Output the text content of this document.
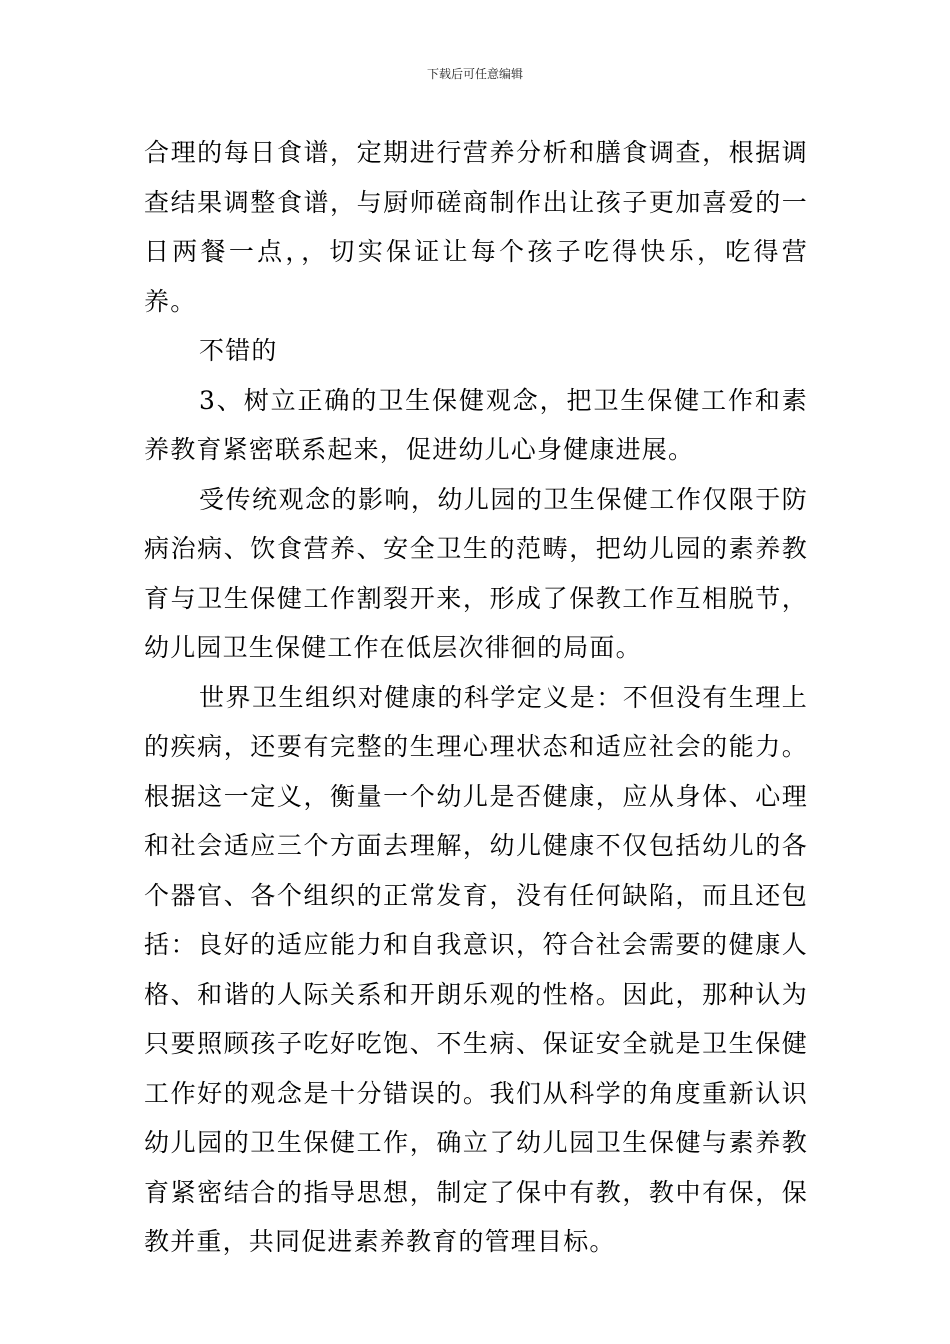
下载后可任意编辑

合理的每日食谱，定期进行营养分析和膳食调查，根据调查结果调整食谱，与厨师磋商制作出让孩子更加喜爱的一日两餐一点，，切实保证让每个孩子吃得快乐，吃得营养。

不错的

3、树立正确的卫生保健观念，把卫生保健工作和素养教育紧密联系起来，促进幼儿心身健康进展。

受传统观念的影响，幼儿园的卫生保健工作仅限于防病治病、饮食营养、安全卫生的范畴，把幼儿园的素养教育与卫生保健工作割裂开来，形成了保教工作互相脱节，幼儿园卫生保健工作在低层次徘徊的局面。

世界卫生组织对健康的科学定义是：不但没有生理上的疾病，还要有完整的生理心理状态和适应社会的能力。根据这一定义，衡量一个幼儿是否健康，应从身体、心理和社会适应三个方面去理解，幼儿健康不仅包括幼儿的各个器官、各个组织的正常发育，没有任何缺陷，而且还包括：良好的适应能力和自我意识，符合社会需要的健康人格、和谐的人际关系和开朗乐观的性格。因此，那种认为只要照顾孩子吃好吃饱、不生病、保证安全就是卫生保健工作好的观念是十分错误的。我们从科学的角度重新认识幼儿园的卫生保健工作，确立了幼儿园卫生保健与素养教育紧密结合的指导思想，制定了保中有教，教中有保，保教并重，共同促进素养教育的管理目标。
